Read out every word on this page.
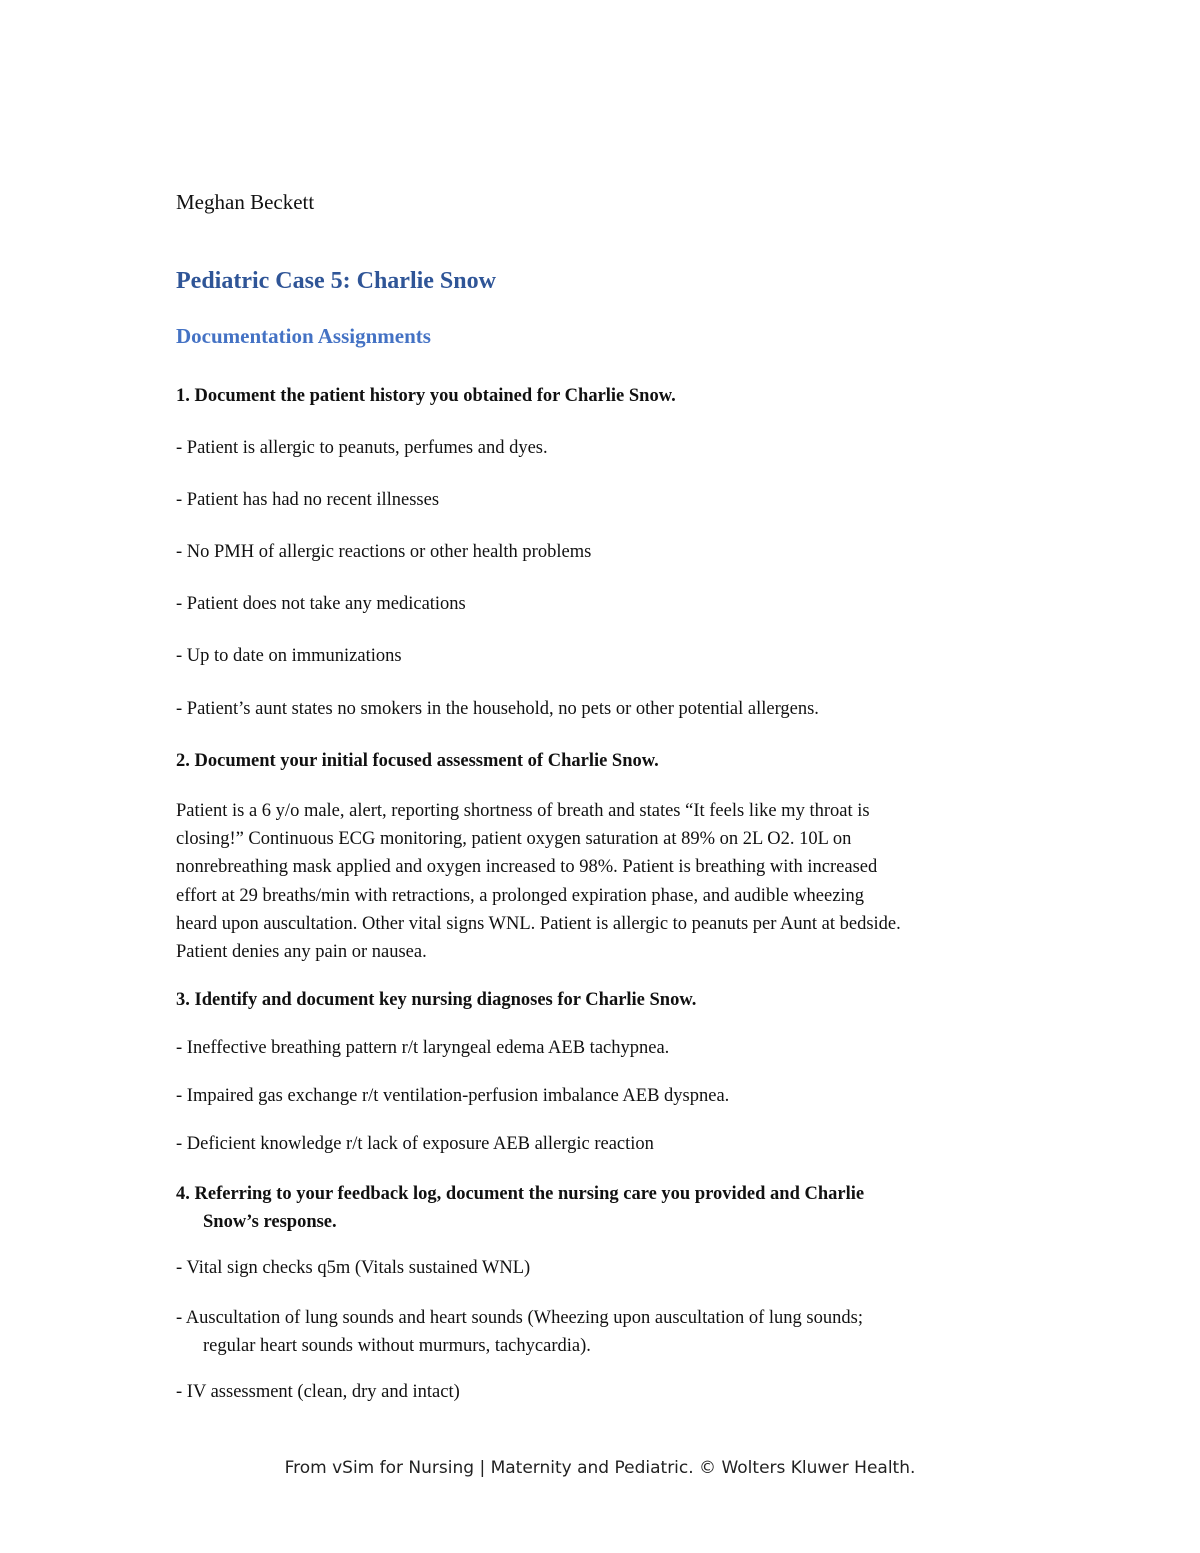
Meghan Beckett
Pediatric Case 5: Charlie Snow
Documentation Assignments
1. Document the patient history you obtained for Charlie Snow.
- Patient is allergic to peanuts, perfumes and dyes.
- Patient has had no recent illnesses
- No PMH of allergic reactions or other health problems
- Patient does not take any medications
- Up to date on immunizations
- Patient’s aunt states no smokers in the household, no pets or other potential allergens.
2. Document your initial focused assessment of Charlie Snow.
Patient is a 6 y/o male, alert, reporting shortness of breath and states “It feels like my throat is
closing!” Continuous ECG monitoring, patient oxygen saturation at 89% on 2L O2. 10L on
nonrebreathing mask applied and oxygen increased to 98%. Patient is breathing with increased
effort at 29 breaths/min with retractions, a prolonged expiration phase, and audible wheezing
heard upon auscultation. Other vital signs WNL. Patient is allergic to peanuts per Aunt at bedside.
Patient denies any pain or nausea.
3. Identify and document key nursing diagnoses for Charlie Snow.
- Ineffective breathing pattern r/t laryngeal edema AEB tachypnea.
- Impaired gas exchange r/t ventilation-perfusion imbalance AEB dyspnea.
- Deficient knowledge r/t lack of exposure AEB allergic reaction
4. Referring to your feedback log, document the nursing care you provided and Charlie
Snow’s response.
- Vital sign checks q5m (Vitals sustained WNL)
- Auscultation of lung sounds and heart sounds (Wheezing upon auscultation of lung sounds;
regular heart sounds without murmurs, tachycardia).
- IV assessment (clean, dry and intact)
From vSim for Nursing | Maternity and Pediatric. © Wolters Kluwer Health.
